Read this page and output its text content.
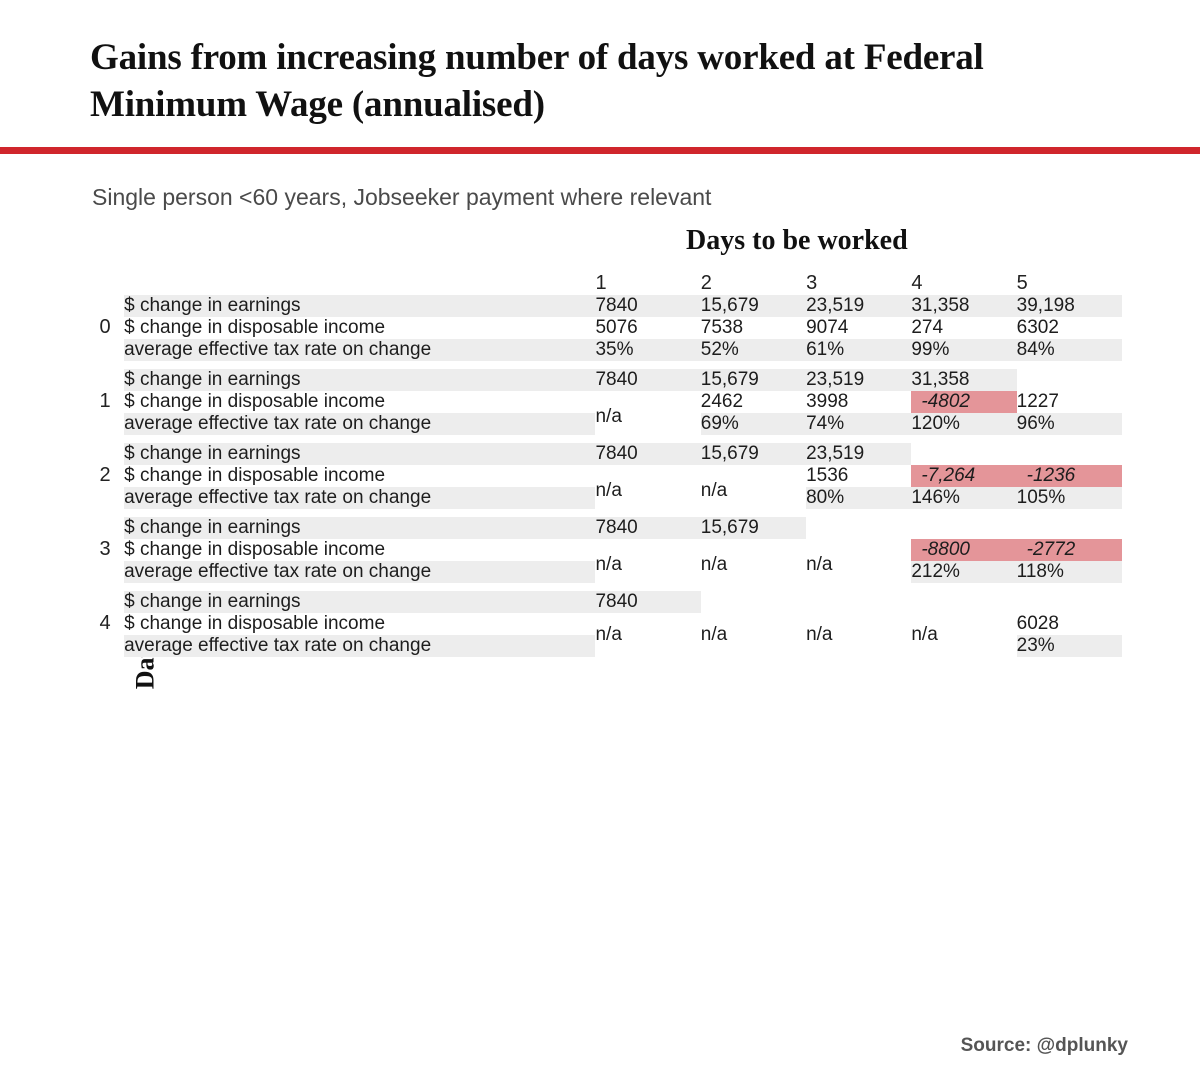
Gains from increasing number of days worked at Federal Minimum Wage (annualised)
Single person <60 years, Jobseeker payment where relevant
Days to be worked
		1	2	3	4	5
0	$ change in earnings	7840	15,679	23,519	31,358	39,198
	$ change in disposable income	5076	7538	9074	274	6302
	average effective tax rate on change	35%	52%	61%	99%	84%

1	$ change in earnings	7840	15,679	23,519	31,358	
	$ change in disposable income	n/a	2462	3998	-4802	1227
	average effective tax rate on change		69%	74%	120%	96%

2	$ change in earnings	7840	15,679	23,519		
	$ change in disposable income	n/a	n/a	1536	-7,264	-1236
	average effective tax rate on change			80%	146%	105%

3	$ change in earnings	7840	15,679			
	$ change in disposable income	n/a	n/a	n/a	-8800	-2772
	average effective tax rate on change				212%	118%

4	$ change in earnings	7840				
	$ change in disposable income	n/a	n/a	n/a	n/a	6028
	average effective tax rate on change					23%
Source: @dplunky
